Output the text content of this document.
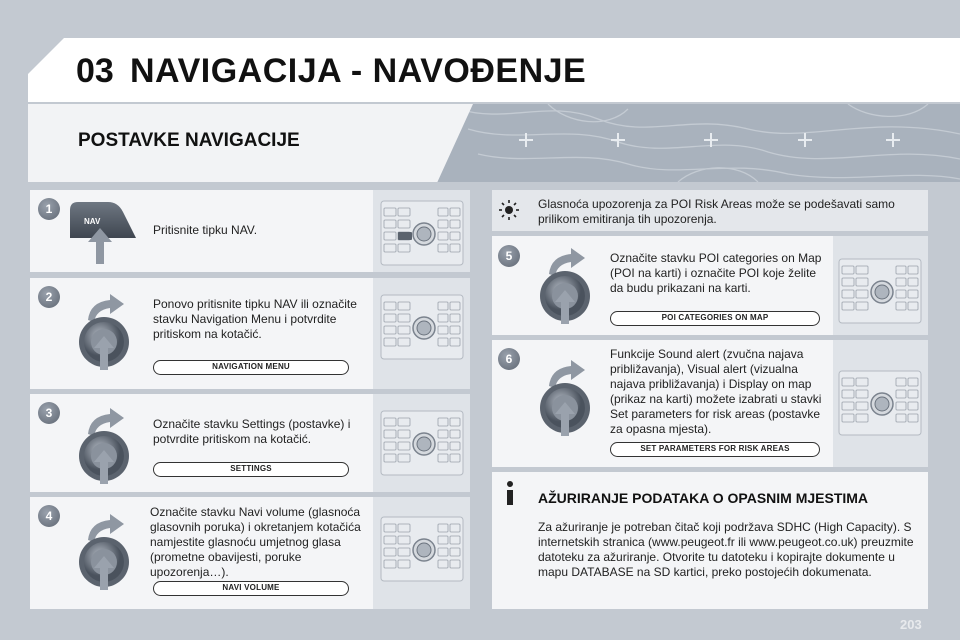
03 NAVIGACIJA - NAVOĐENJE
POSTAVKE NAVIGACIJE
1
NAV
Pritisnite tipku NAV.
2	Ponovo pritisnite tipku NAV ili označite stavku Navigation Menu i potvrdite pritiskom na kotačić.
NAVIGATION MENU
3
Označite stavku Settings (postavke) i potvrdite pritiskom na kotačić.
SETTINGS
4	Označite stavku Navi volume (glasnoća glasovnih poruka) i okretanjem kotačića namjestite glasnoću umjetnog glasa (prometne obavijesti, poruke upozorenja…).
NAVI VOLUME
Glasnoća upozorenja za POI Risk Areas može se podešavati samo prilikom emitiranja tih upozorenja.
5	Označite stavku POI categories on Map (POI na karti) i označite POI koje želite da budu prikazani na karti.
POI CATEGORIES ON MAP
6	Funkcije Sound alert (zvučna najava približavanja), Visual alert (vizualna najava približavanja) i Display on map (prikaz na karti) možete izabrati u stavki Set parameters for risk areas (postavke za opasna mjesta).
SET PARAMETERS FOR RISK AREAS
AŽURIRANJE PODATAKA O OPASNIM MJESTIMA
Za ažuriranje je potreban čitač koji podržava SDHC (High Capacity). S internetskih stranica (www.peugeot.fr ili www.peugeot.co.uk) preuzmite datoteku za ažuriranje. Otvorite tu datoteku i kopirajte dokumente u mapu DATABASE na SD kartici, preko postojećih dokumenata.
203
